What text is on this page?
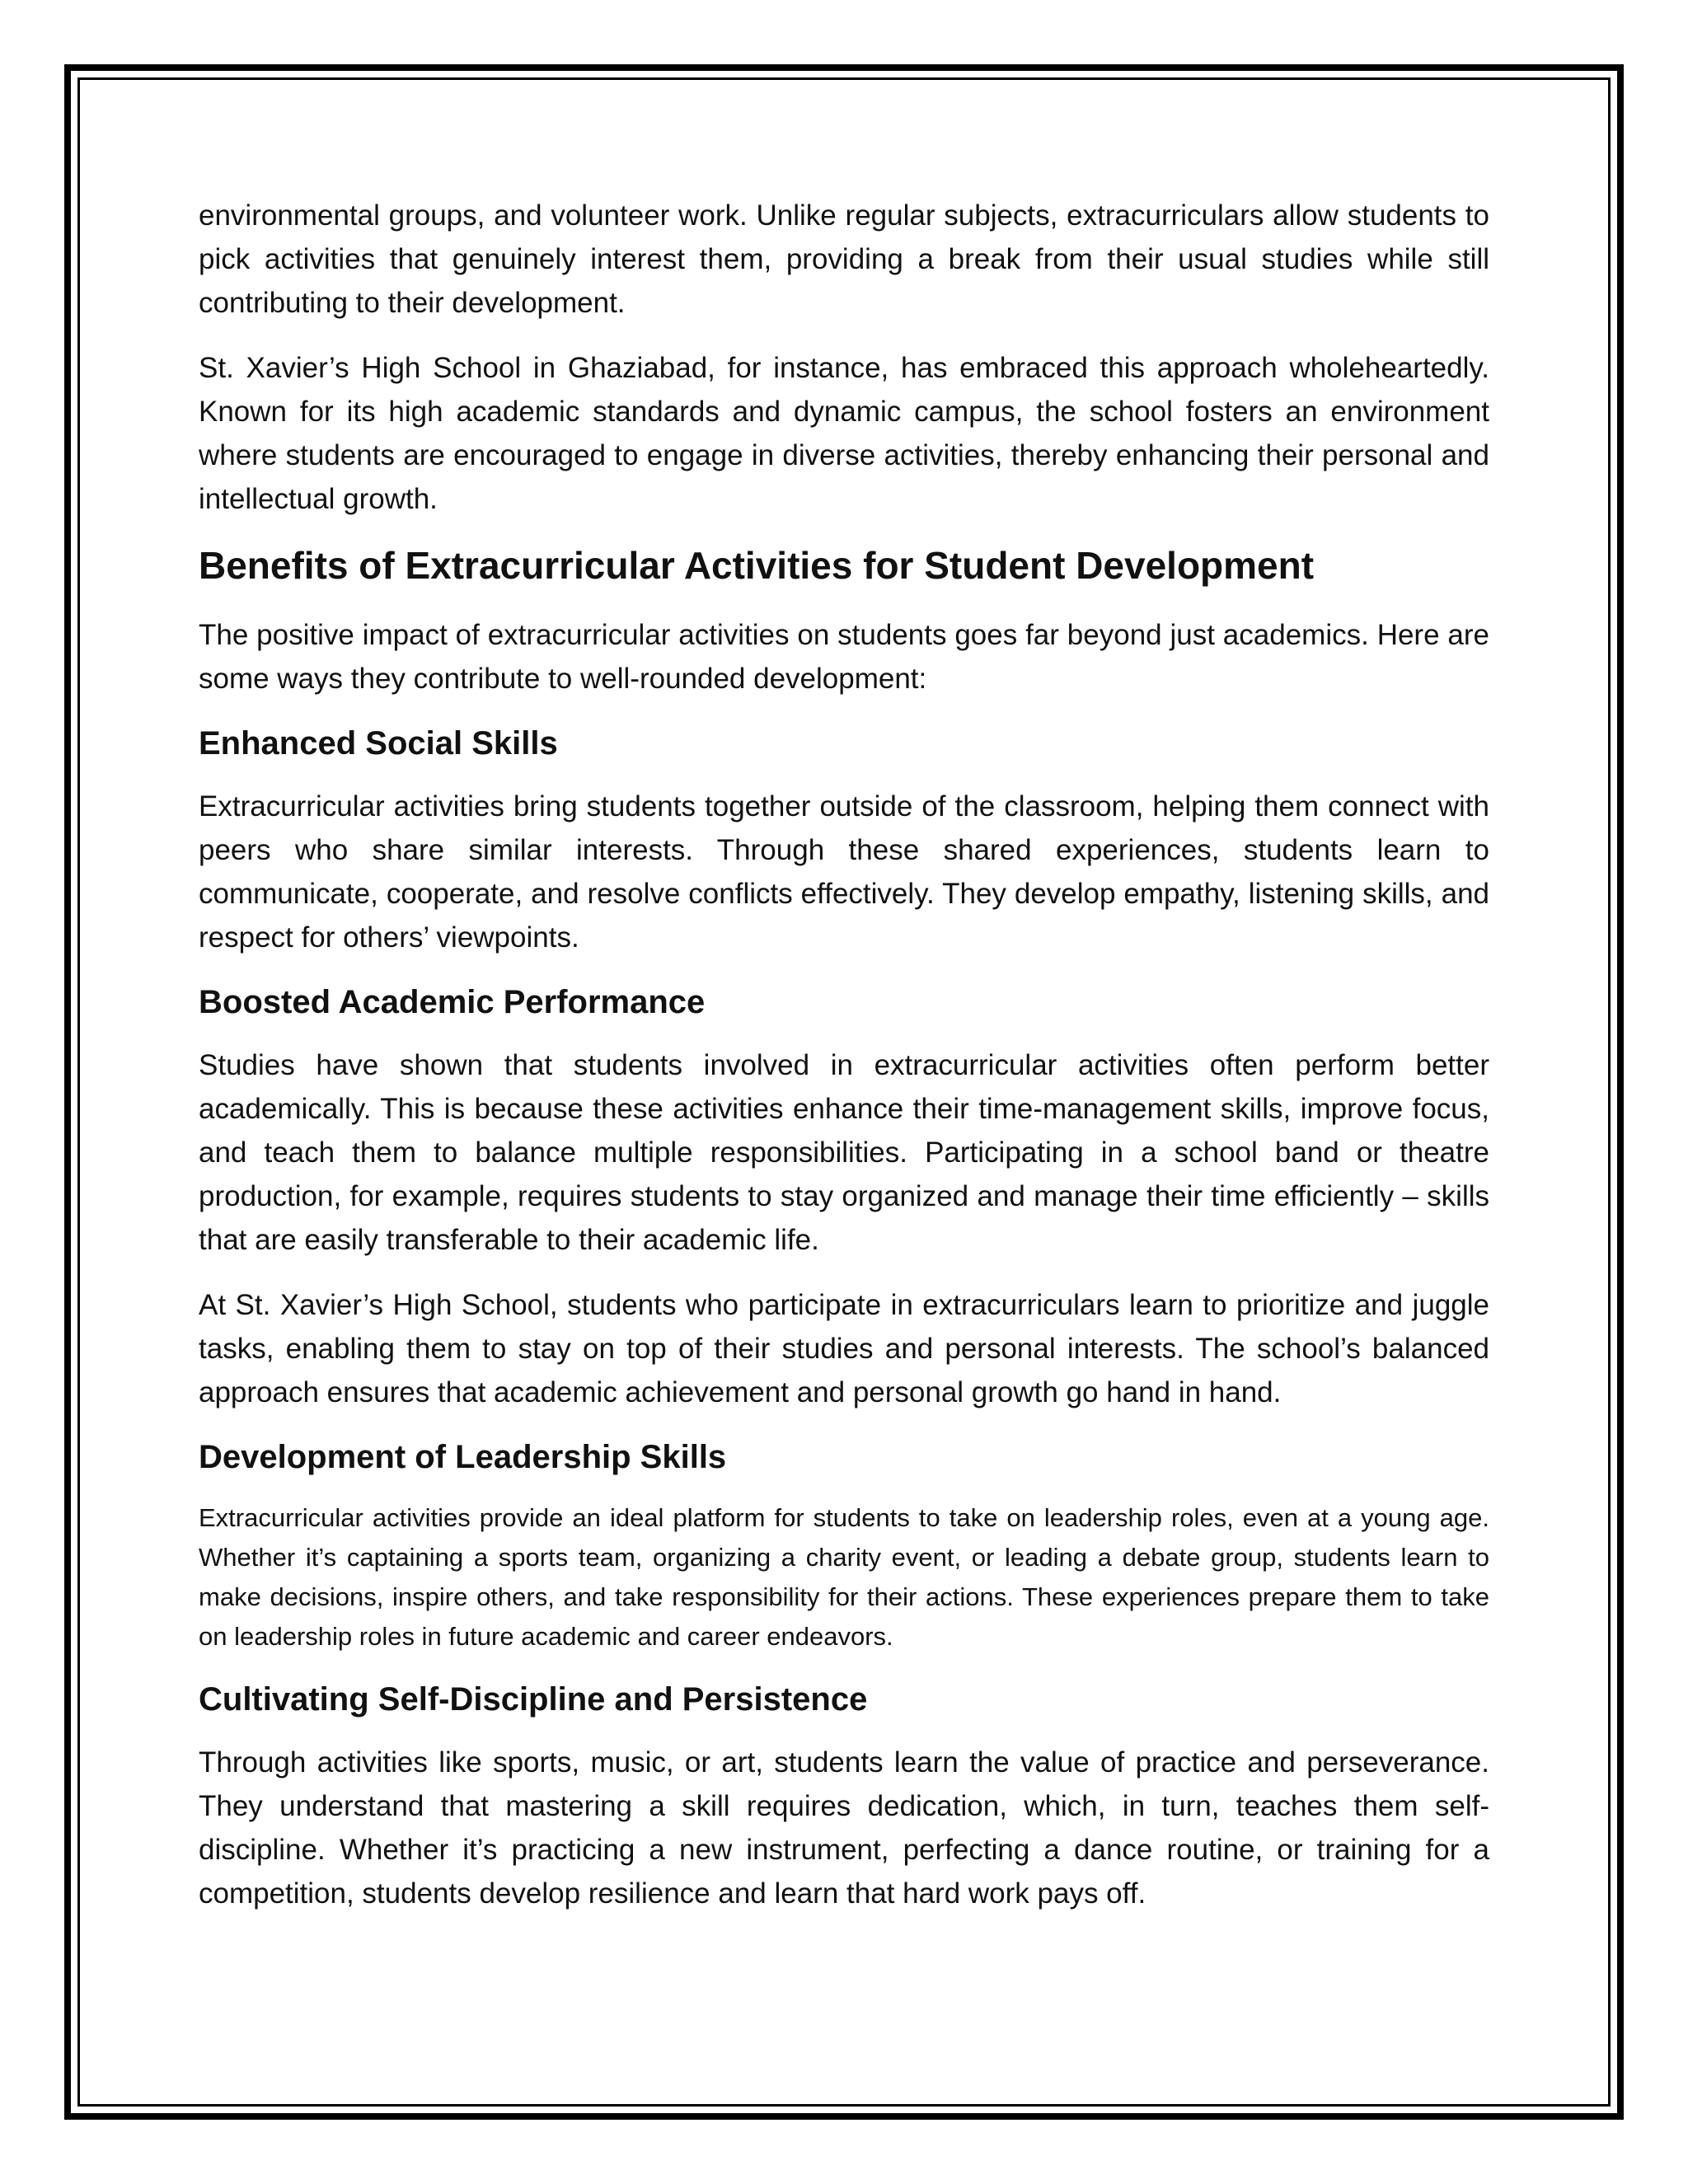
environmental groups, and volunteer work. Unlike regular subjects, extracurriculars allow students to pick activities that genuinely interest them, providing a break from their usual studies while still contributing to their development.

St. Xavier’s High School in Ghaziabad, for instance, has embraced this approach wholeheartedly. Known for its high academic standards and dynamic campus, the school fosters an environment where students are encouraged to engage in diverse activities, thereby enhancing their personal and intellectual growth.

Benefits of Extracurricular Activities for Student Development

The positive impact of extracurricular activities on students goes far beyond just academics. Here are some ways they contribute to well-rounded development:

Enhanced Social Skills

Extracurricular activities bring students together outside of the classroom, helping them connect with peers who share similar interests. Through these shared experiences, students learn to communicate, cooperate, and resolve conflicts effectively. They develop empathy, listening skills, and respect for others’ viewpoints.

Boosted Academic Performance

Studies have shown that students involved in extracurricular activities often perform better academically. This is because these activities enhance their time-management skills, improve focus, and teach them to balance multiple responsibilities. Participating in a school band or theatre production, for example, requires students to stay organized and manage their time efficiently – skills that are easily transferable to their academic life.

At St. Xavier’s High School, students who participate in extracurriculars learn to prioritize and juggle tasks, enabling them to stay on top of their studies and personal interests. The school’s balanced approach ensures that academic achievement and personal growth go hand in hand.

Development of Leadership Skills

Extracurricular activities provide an ideal platform for students to take on leadership roles, even at a young age. Whether it’s captaining a sports team, organizing a charity event, or leading a debate group, students learn to make decisions, inspire others, and take responsibility for their actions. These experiences prepare them to take on leadership roles in future academic and career endeavors.

Cultivating Self-Discipline and Persistence

Through activities like sports, music, or art, students learn the value of practice and perseverance. They understand that mastering a skill requires dedication, which, in turn, teaches them self-discipline. Whether it’s practicing a new instrument, perfecting a dance routine, or training for a competition, students develop resilience and learn that hard work pays off.
